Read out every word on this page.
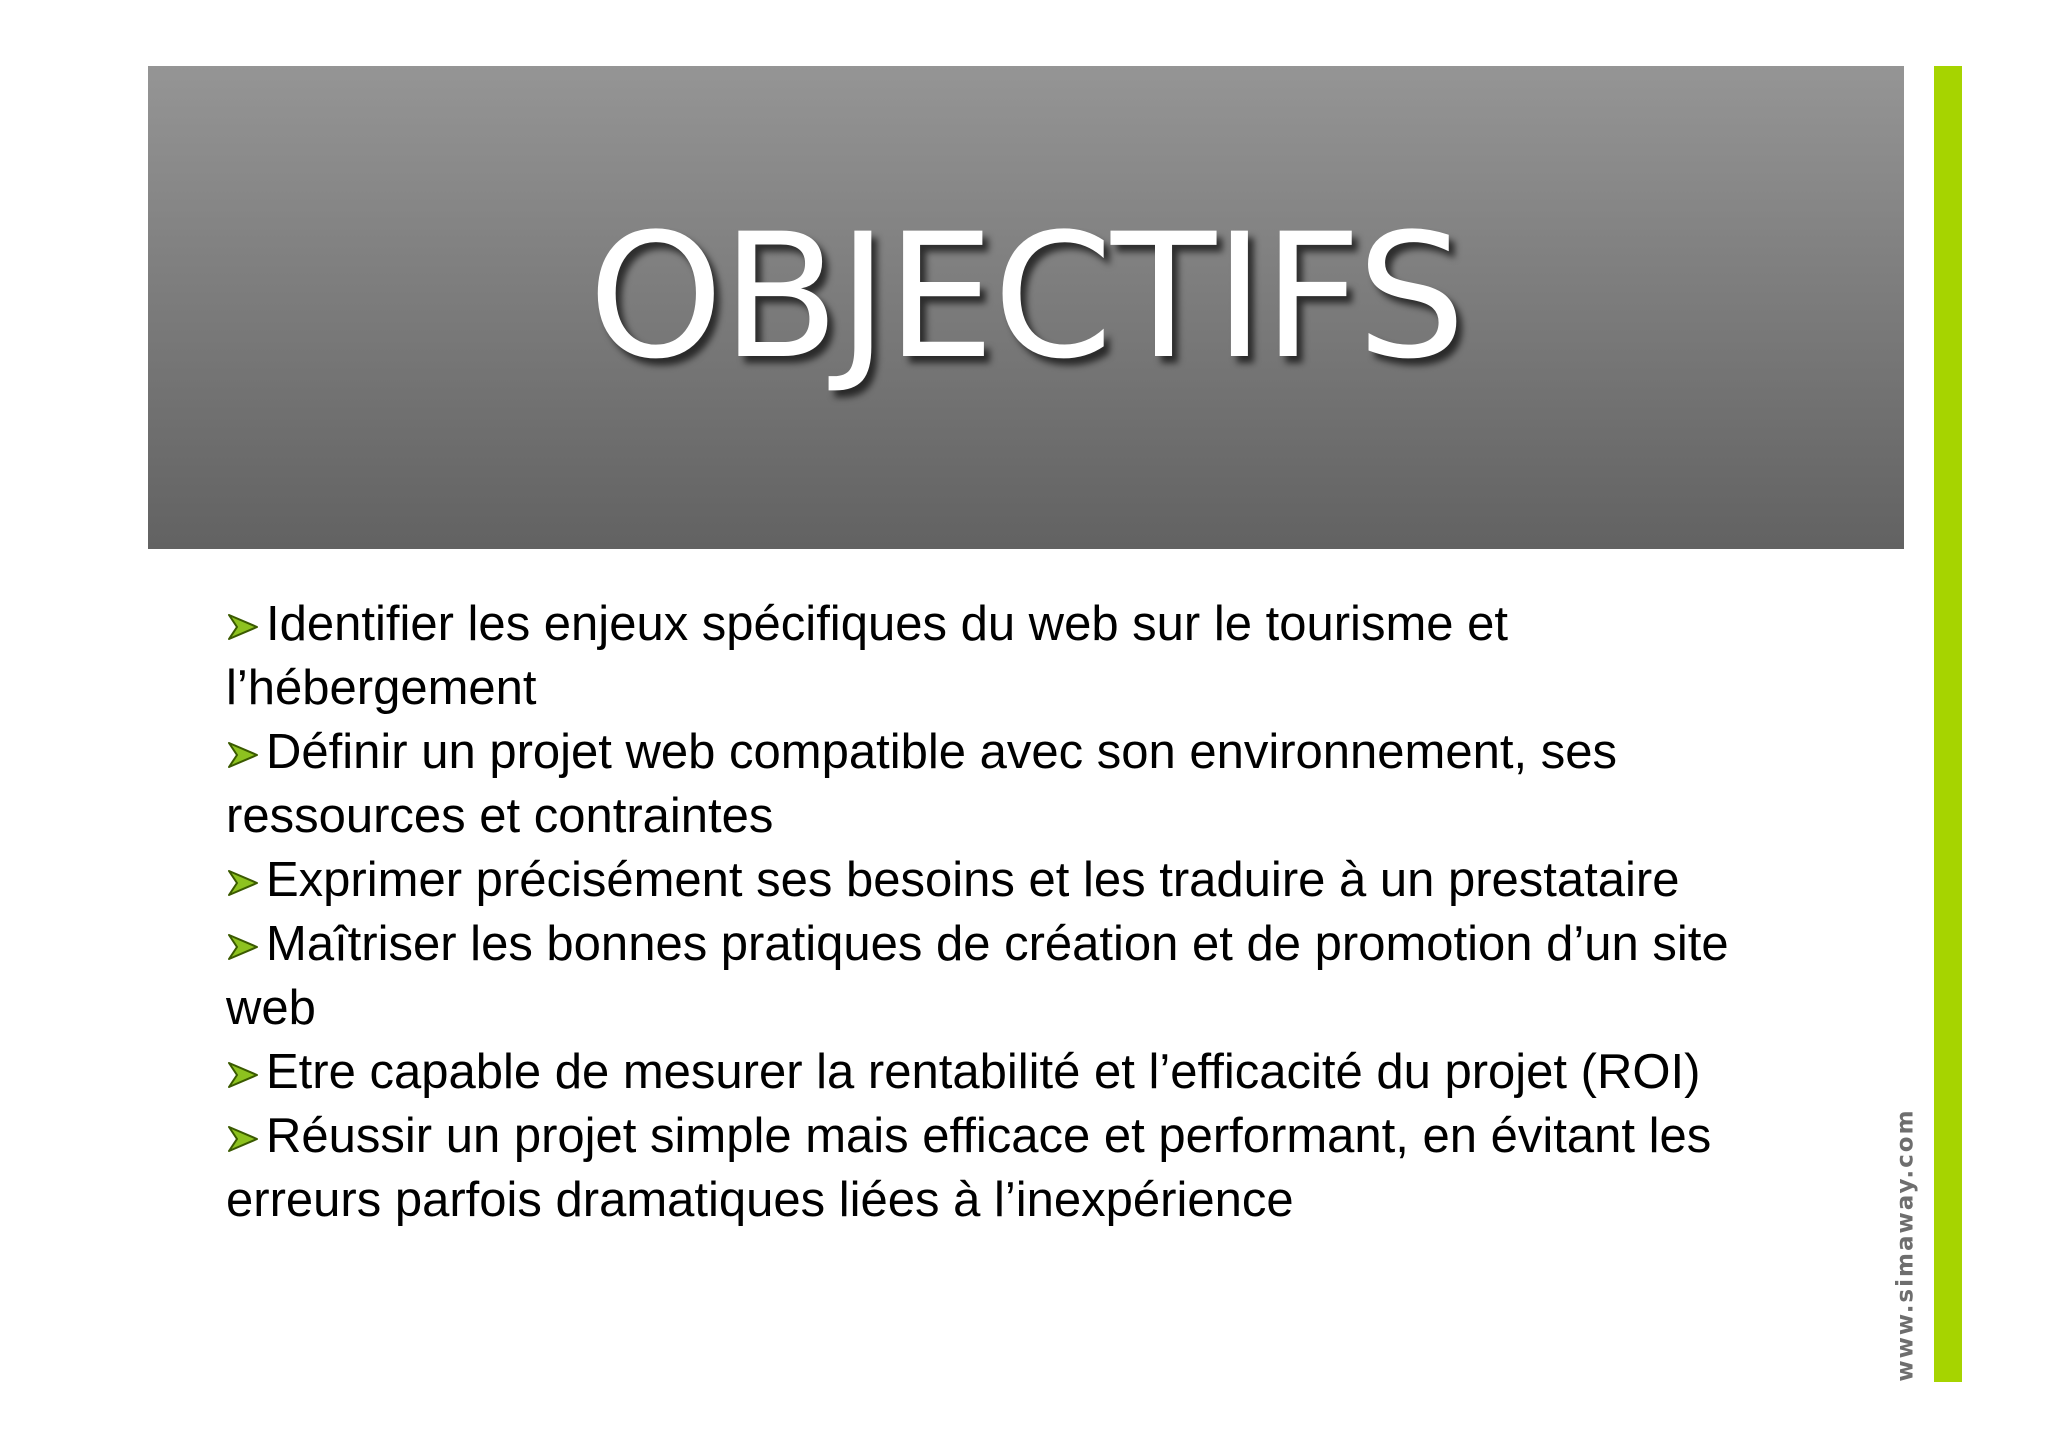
OBJECTIFS
www.simaway.com
Identifier les enjeux spécifiques du web sur le tourisme et l’hébergement
Définir un projet web compatible avec son environnement, ses ressources et contraintes
Exprimer précisément ses besoins et les traduire à un prestataire
Maîtriser les bonnes pratiques de création et de promotion d’un site web
Etre capable de mesurer la rentabilité et l’efficacité du projet (ROI)
Réussir un projet simple mais efficace et performant, en évitant les erreurs parfois dramatiques liées à l’inexpérience
